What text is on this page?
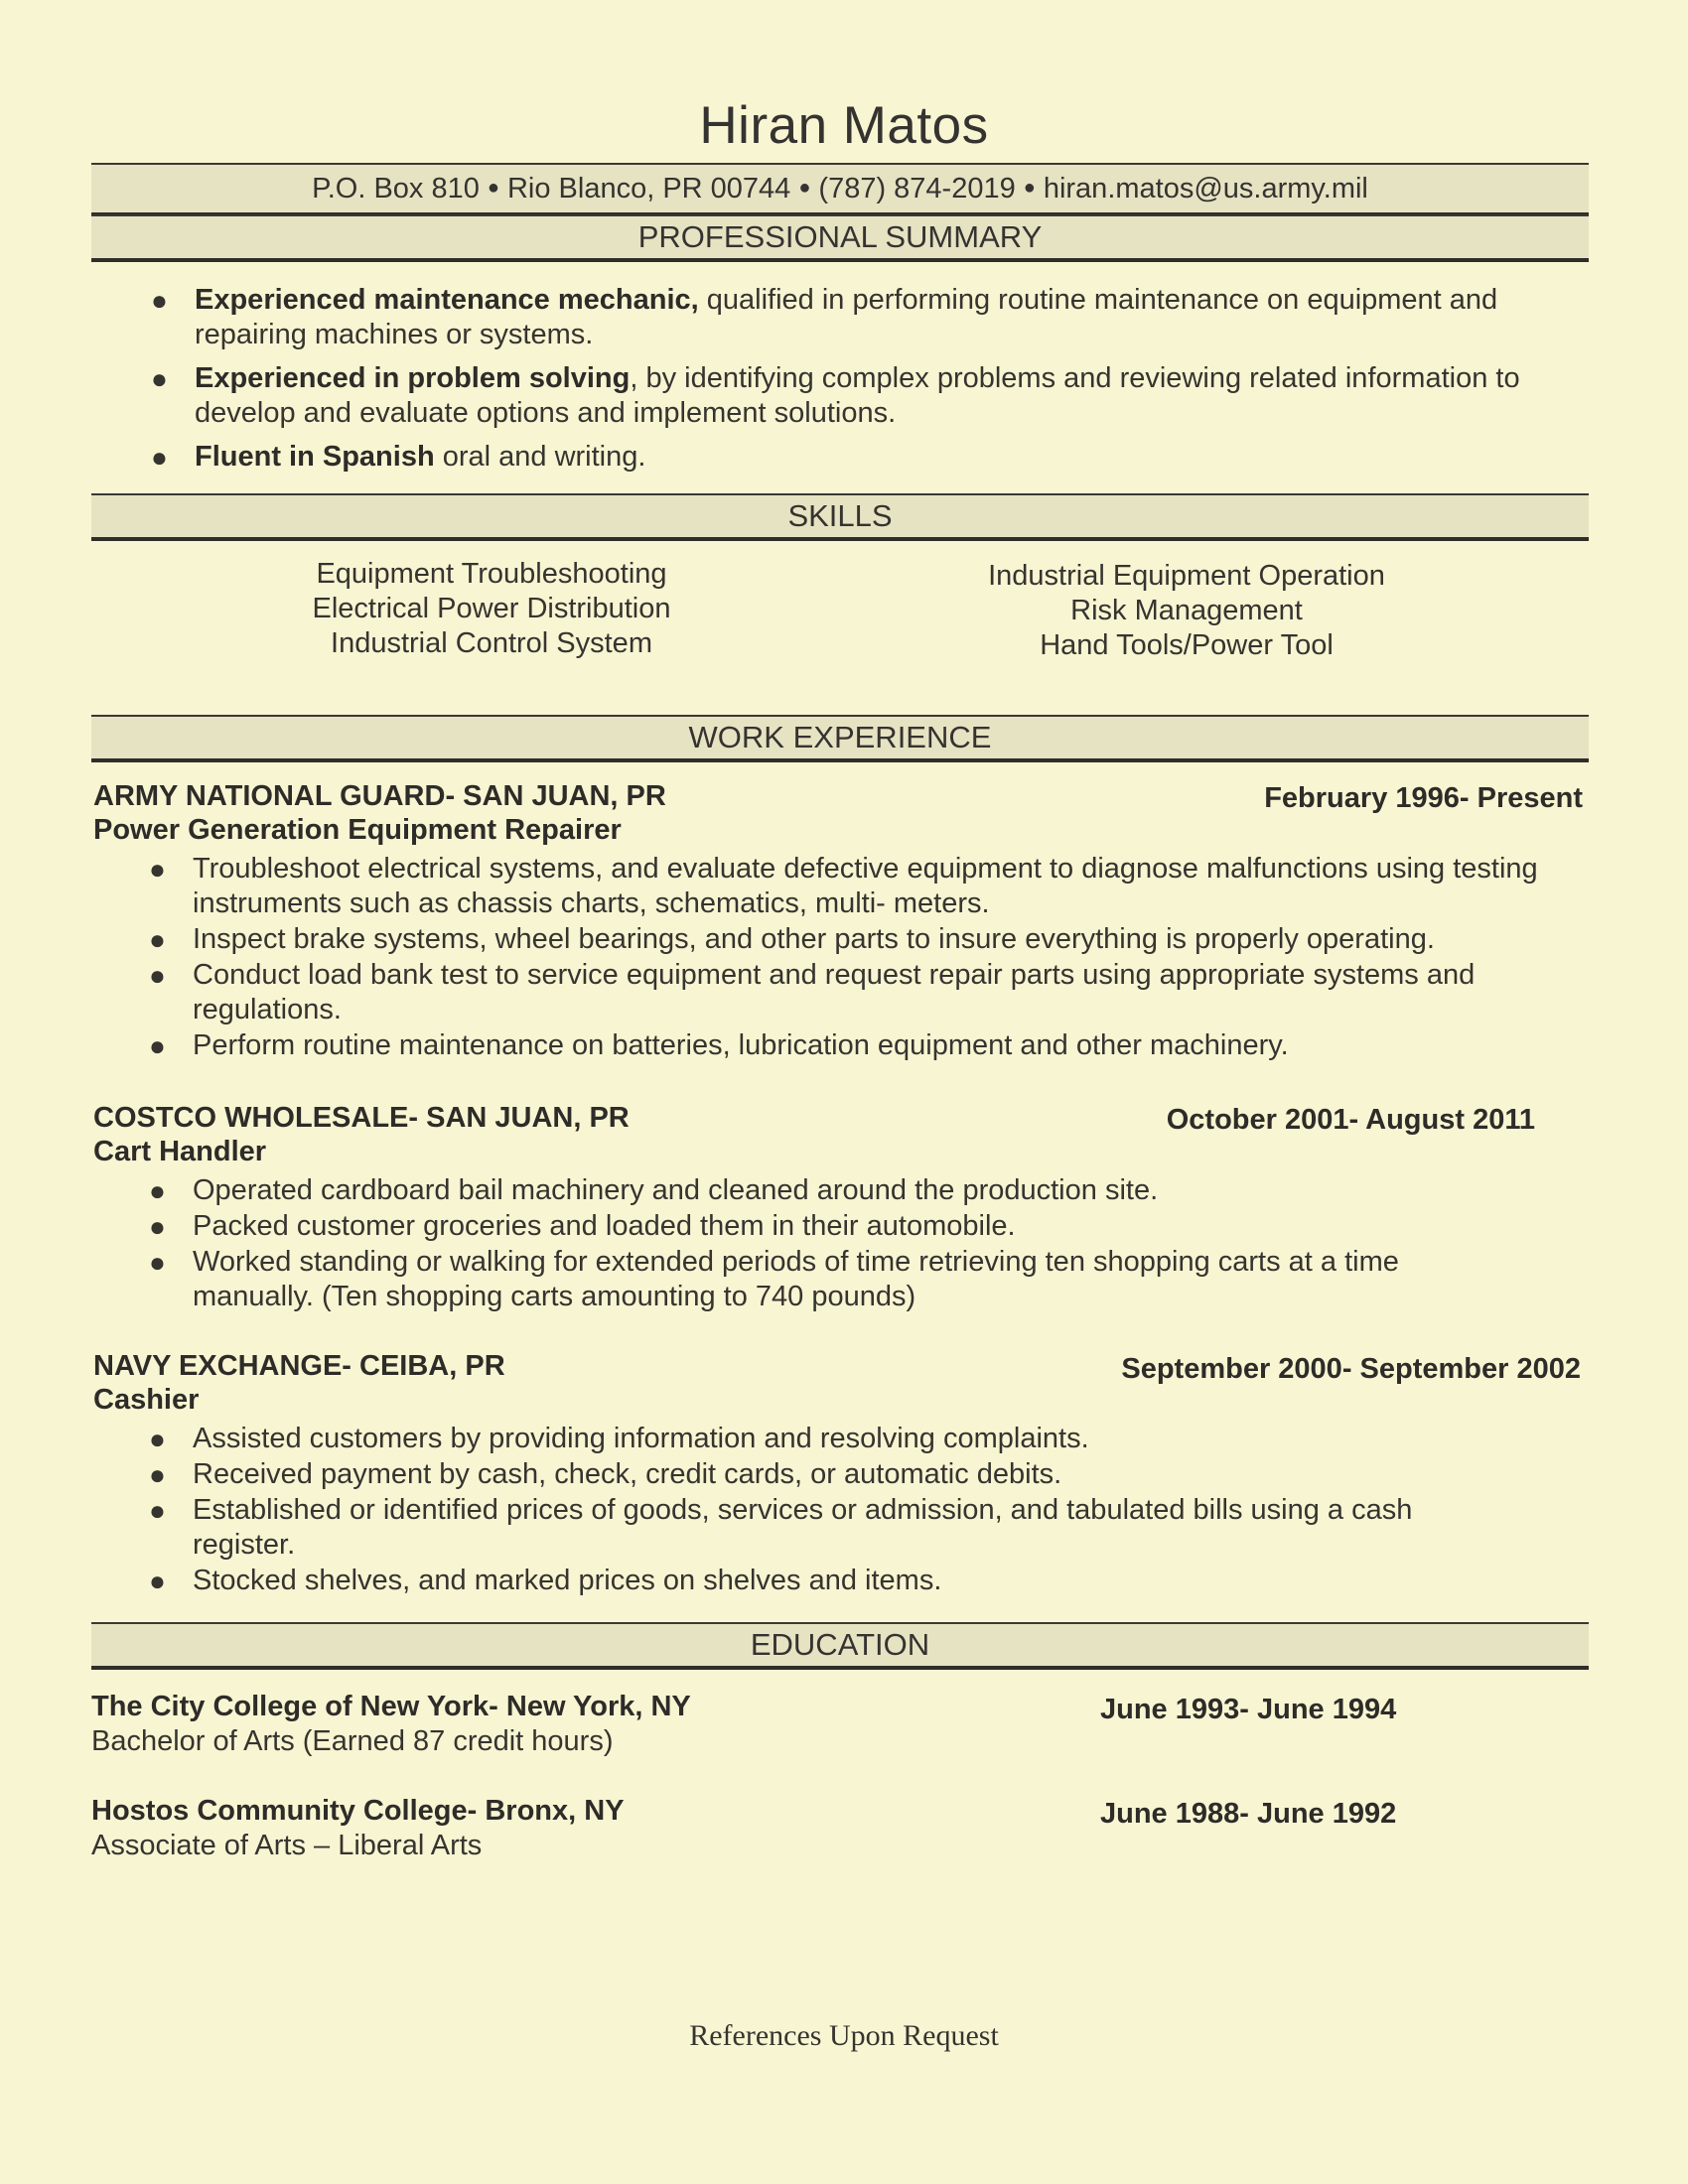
Hiran Matos
P.O. Box 810 ● Rio Blanco, PR 00744 ● (787) 874-2019 ● hiran.matos@us.army.mil
PROFESSIONAL SUMMARY
● Experienced maintenance mechanic, qualified in performing routine maintenance on equipment and repairing machines or systems.
● Experienced in problem solving, by identifying complex problems and reviewing related information to develop and evaluate options and implement solutions.
● Fluent in Spanish oral and writing.
SKILLS
Equipment Troubleshooting
Electrical Power Distribution
Industrial Control System
Industrial Equipment Operation
Risk Management
Hand Tools/Power Tool
WORK EXPERIENCE
ARMY NATIONAL GUARD- SAN JUAN, PR	February 1996- Present
Power Generation Equipment Repairer
● Troubleshoot electrical systems, and evaluate defective equipment to diagnose malfunctions using testing instruments such as chassis charts, schematics, multi- meters.
● Inspect brake systems, wheel bearings, and other parts to insure everything is properly operating.
● Conduct load bank test to service equipment and request repair parts using appropriate systems and regulations.
● Perform routine maintenance on batteries, lubrication equipment and other machinery.
COSTCO WHOLESALE- SAN JUAN, PR	October 2001- August 2011
Cart Handler
● Operated cardboard bail machinery and cleaned around the production site.
● Packed customer groceries and loaded them in their automobile.
● Worked standing or walking for extended periods of time retrieving ten shopping carts at a time manually. (Ten shopping carts amounting to 740 pounds)
NAVY EXCHANGE- CEIBA, PR	September 2000- September 2002
Cashier
● Assisted customers by providing information and resolving complaints.
● Received payment by cash, check, credit cards, or automatic debits.
● Established or identified prices of goods, services or admission, and tabulated bills using a cash register.
● Stocked shelves, and marked prices on shelves and items.
EDUCATION
The City College of New York- New York, NY	June 1993- June 1994
Bachelor of Arts (Earned 87 credit hours)
Hostos Community College- Bronx, NY	June 1988- June 1992
Associate of Arts – Liberal Arts
References Upon Request
